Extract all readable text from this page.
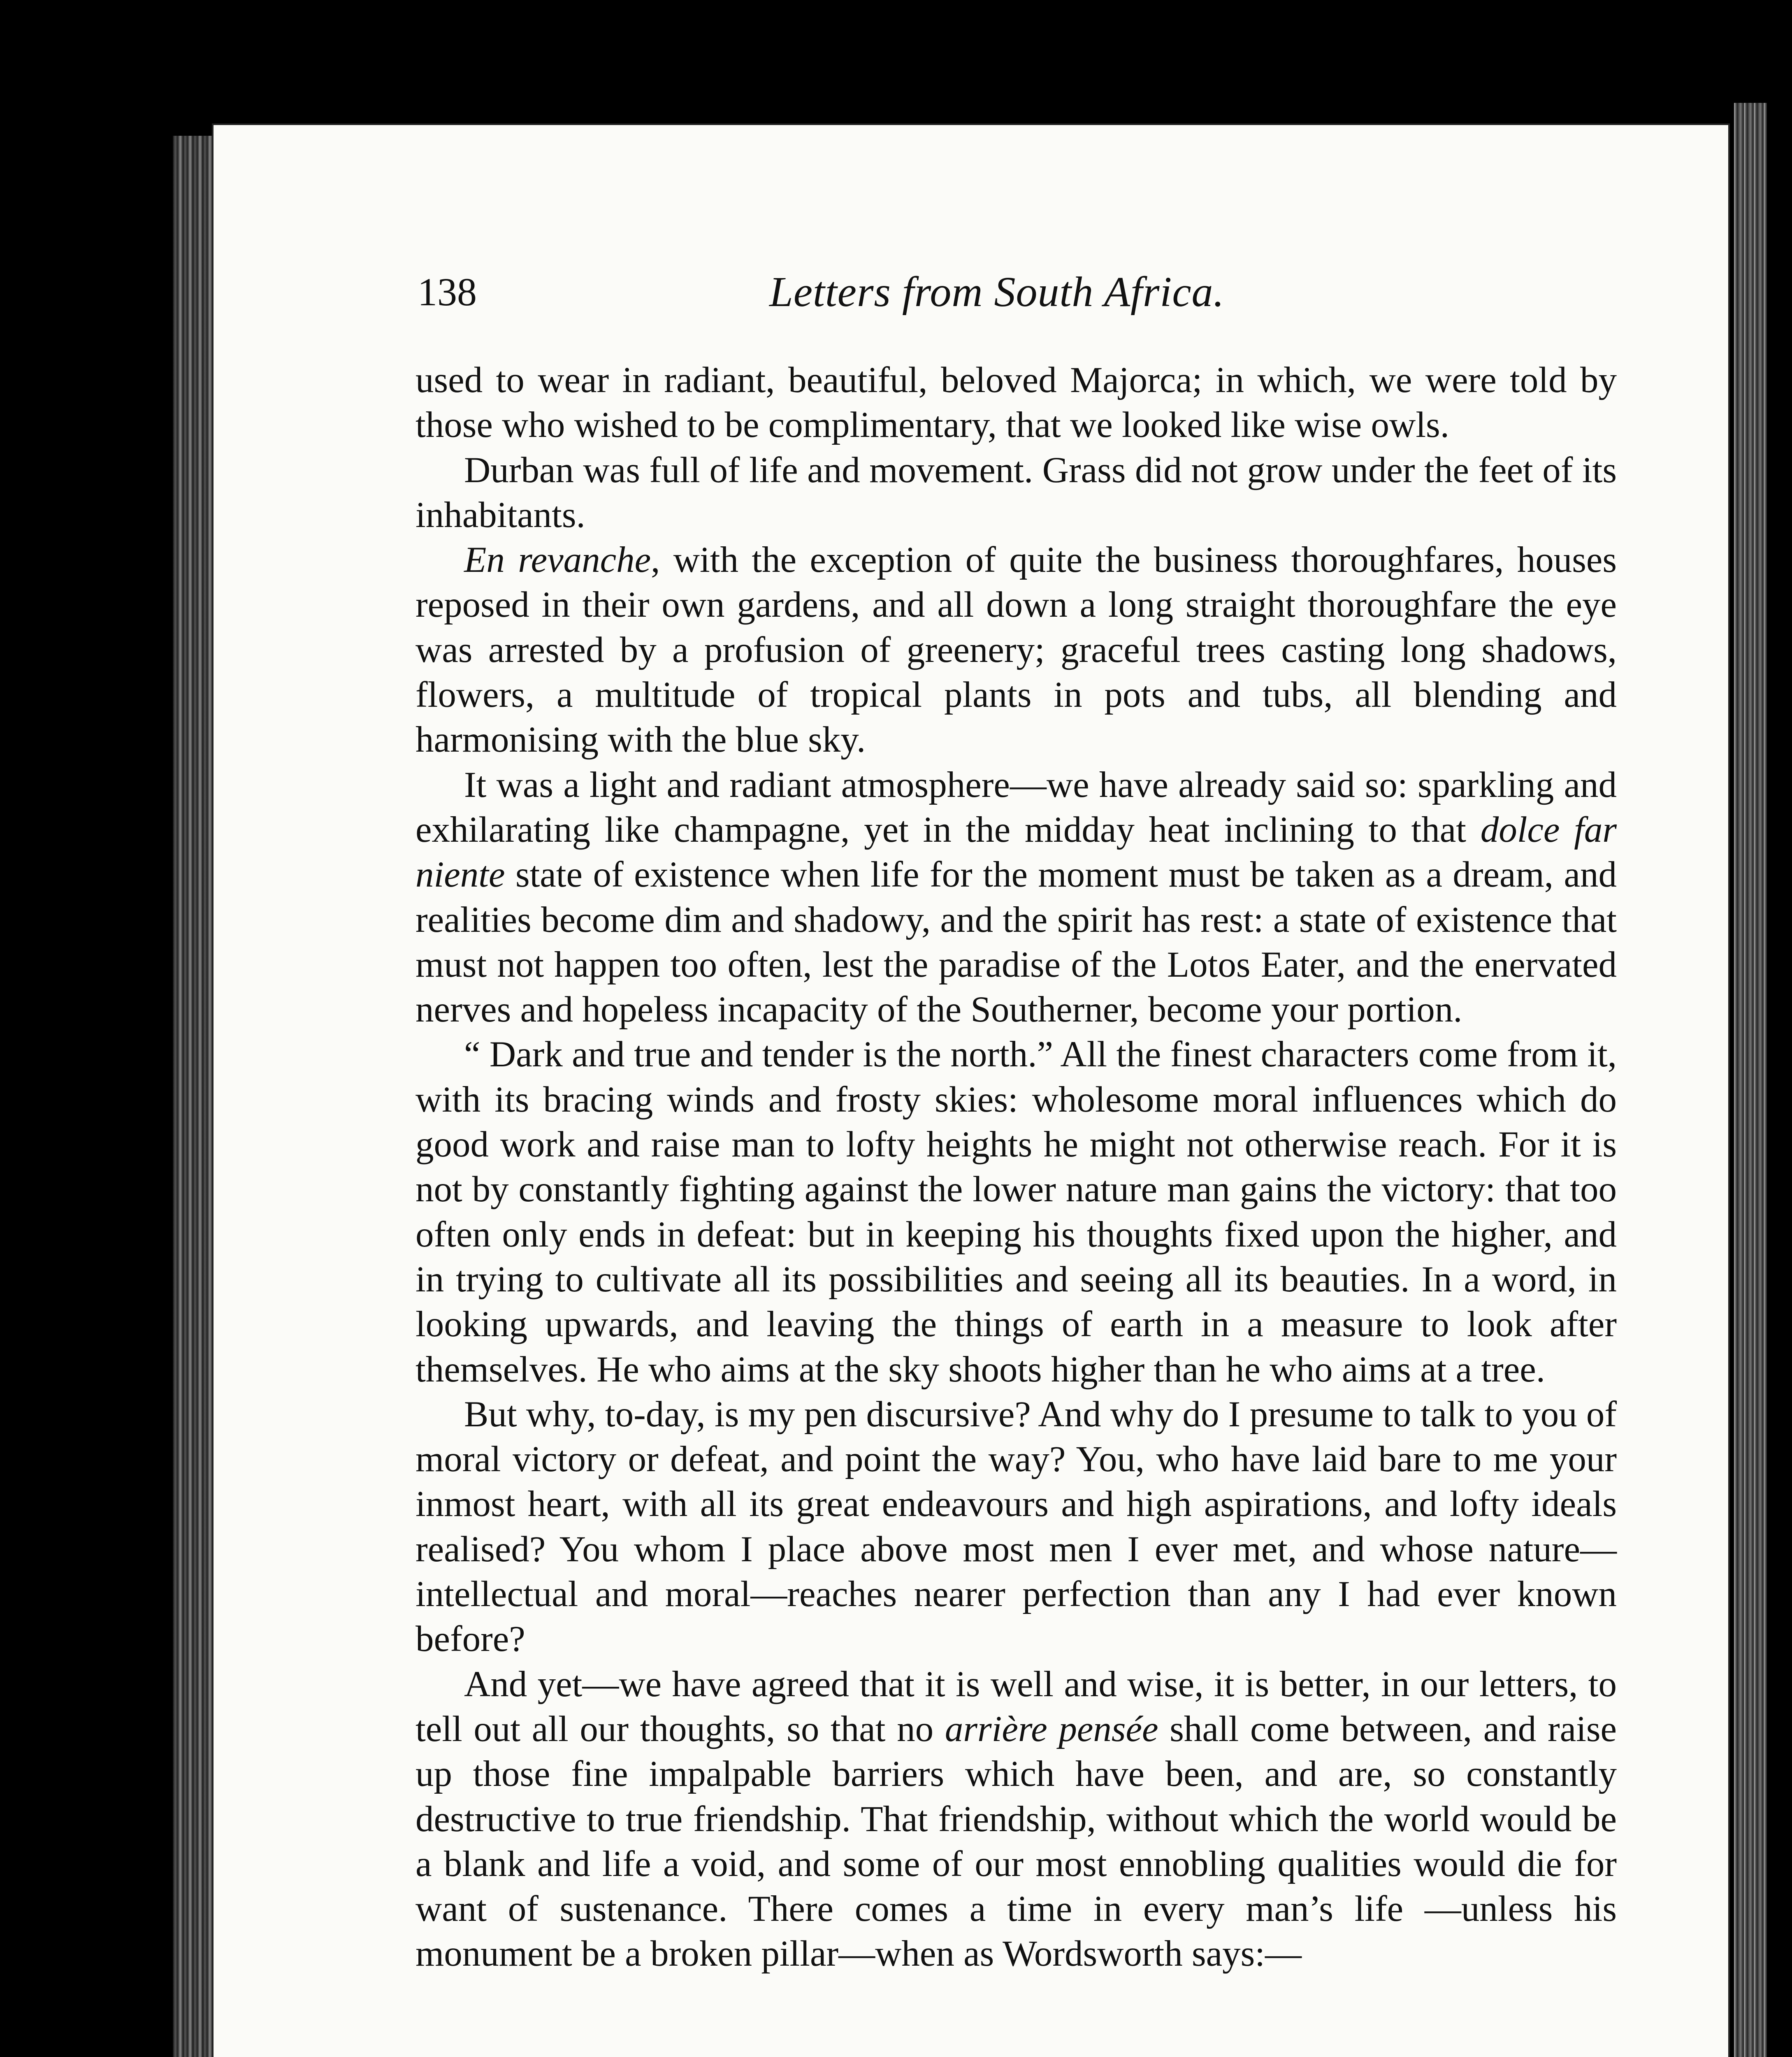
138	Letters from South Africa.

used to wear in radiant, beautiful, beloved Majorca; in which, we were told by those who wished to be complimentary, that we looked like wise owls.

Durban was full of life and movement. Grass did not grow under the feet of its inhabitants.

En revanche, with the exception of quite the business thoroughfares, houses reposed in their own gardens, and all down a long straight thoroughfare the eye was arrested by a profusion of greenery; graceful trees casting long shadows, flowers, a multitude of tropical plants in pots and tubs, all blending and harmonising with the blue sky.

It was a light and radiant atmosphere—we have already said so: sparkling and exhilarating like champagne, yet in the midday heat inclining to that dolce far niente state of existence when life for the moment must be taken as a dream, and realities become dim and shadowy, and the spirit has rest: a state of existence that must not happen too often, lest the paradise of the Lotos Eater, and the enervated nerves and hopeless incapacity of the Southerner, become your portion.

“ Dark and true and tender is the north.” All the finest characters come from it, with its bracing winds and frosty skies: wholesome moral influences which do good work and raise man to lofty heights he might not otherwise reach. For it is not by constantly fighting against the lower nature man gains the victory: that too often only ends in defeat: but in keeping his thoughts fixed upon the higher, and in trying to cultivate all its possibilities and seeing all its beauties. In a word, in looking upwards, and leaving the things of earth in a measure to look after themselves. He who aims at the sky shoots higher than he who aims at a tree.

But why, to-day, is my pen discursive? And why do I presume to talk to you of moral victory or defeat, and point the way? You, who have laid bare to me your inmost heart, with all its great endeavours and high aspirations, and lofty ideals realised? You whom I place above most men I ever met, and whose nature—intellectual and moral—reaches nearer perfection than any I had ever known before?

And yet—we have agreed that it is well and wise, it is better, in our letters, to tell out all our thoughts, so that no arrière pensée shall come between, and raise up those fine impalpable barriers which have been, and are, so constantly destructive to true friendship. That friendship, without which the world would be a blank and life a void, and some of our most ennobling qualities would die for want of sustenance. There comes a time in every man’s life —unless his monument be a broken pillar—when as Wordsworth says:—
